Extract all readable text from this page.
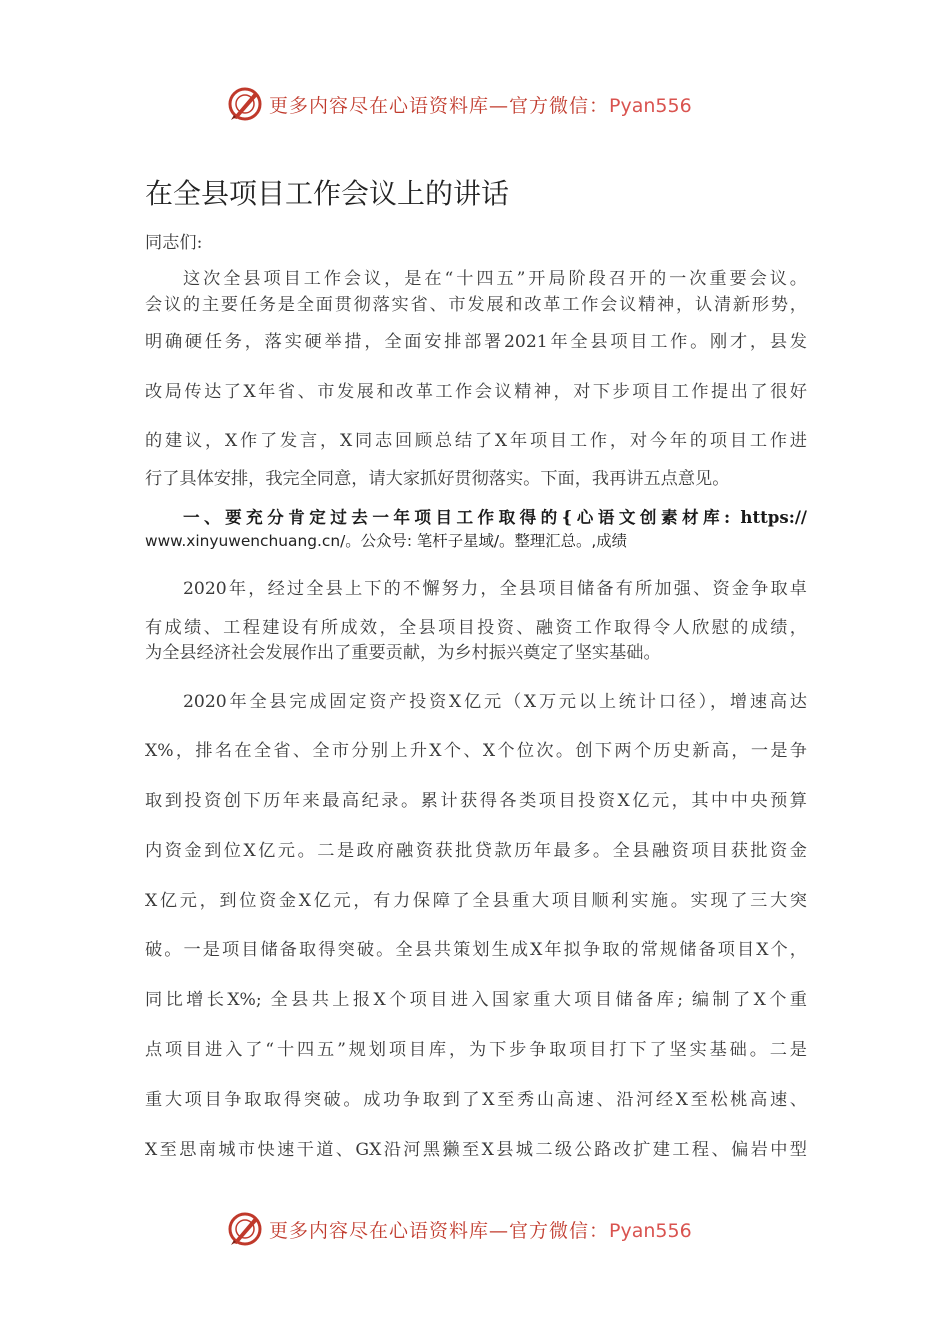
更多内容尽在心语资料库—官方微信：Pyan556
在全县项目工作会议上的讲话
同志们:
这次全县项目工作会议，是在“十四五”开局阶段召开的一次重要会议。
会议的主要任务是全面贯彻落实省、市发展和改革工作会议精神，认清新形势，
明确硬任务，落实硬举措，全面安排部署2021年全县项目工作。刚才，县发
改局传达了X年省、市发展和改革工作会议精神，对下步项目工作提出了很好
的建议，X作了发言，X同志回顾总结了X年项目工作，对今年的项目工作进
行了具体安排，我完全同意，请大家抓好贯彻落实。下面，我再讲五点意见。
一、要充分肯定过去一年项目工作取得的{心语文创素材库: https://
www.xinyuwenchuang.cn/。公众号: 笔杆子星域/。整理汇总。,成绩
2020年，经过全县上下的不懈努力，全县项目储备有所加强、资金争取卓
有成绩、工程建设有所成效，全县项目投资、融资工作取得令人欣慰的成绩，
为全县经济社会发展作出了重要贡献，为乡村振兴奠定了坚实基础。
2020年全县完成固定资产投资X亿元（X万元以上统计口径），增速高达
X%，排名在全省、全市分别上升X个、X个位次。创下两个历史新高，一是争
取到投资创下历年来最高纪录。累计获得各类项目投资X亿元，其中中央预算
内资金到位X亿元。二是政府融资获批贷款历年最多。全县融资项目获批资金
X亿元，到位资金X亿元，有力保障了全县重大项目顺利实施。实现了三大突
破。一是项目储备取得突破。全县共策划生成X年拟争取的常规储备项目X个，
同比增长X%; 全县共上报X个项目进入国家重大项目储备库; 编制了X个重
点项目进入了“十四五”规划项目库，为下步争取项目打下了坚实基础。二是
重大项目争取取得突破。成功争取到了X至秀山高速、沿河经X至松桃高速、
X至思南城市快速干道、GX沿河黑獭至X县城二级公路改扩建工程、偏岩中型
更多内容尽在心语资料库—官方微信：Pyan556
